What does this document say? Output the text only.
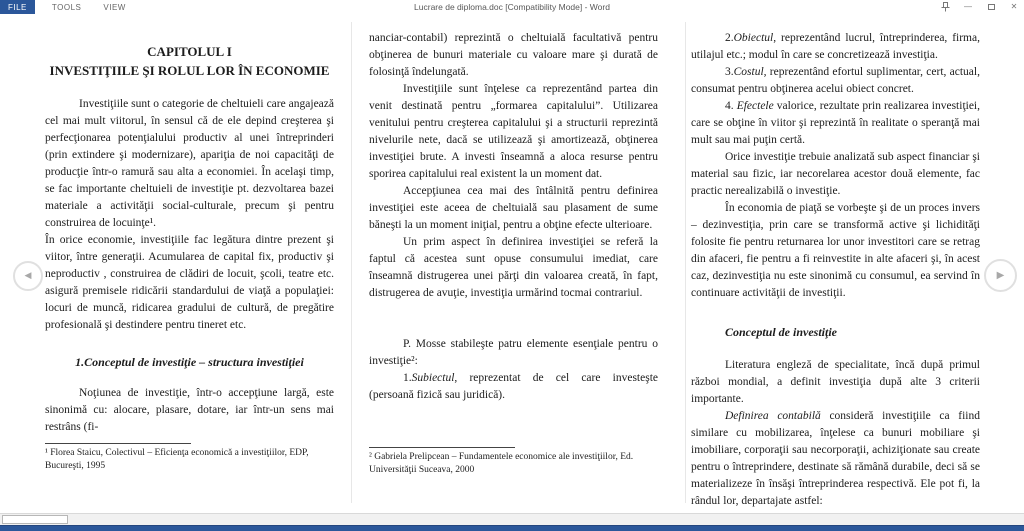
FILE	TOOLS	VIEW	Lucrare de diploma.doc [Compatibility Mode] - Word	—	✕
CAPITOLUL I
INVESTIŢIILE ŞI ROLUL LOR ÎN ECONOMIE

Investiţiile sunt o categorie de cheltuieli care angajează cel mai mult viitorul, în sensul că de ele depind creşterea şi perfecţionarea potenţialului productiv al unei întreprinderi (prin extindere şi modernizare), apariţia de noi capacităţi de producţie într-o ramură sau alta a economiei. În acelaşi timp, se fac importante cheltuieli de investiţie pt. dezvoltarea bazei materiale a activităţii social-culturale, precum şi pentru construirea de locuinţe¹.

În orice economie, investiţiile fac legătura dintre prezent şi viitor, între generaţii. Acumularea de capital fix, productiv şi neproductiv , construirea de clădiri de locuit, şcoli, teatre etc. asigură premisele ridicării standardului de viaţă a populaţiei: locuri de muncă, ridicarea gradului de cultură, de pregătire profesională şi destindere pentru tineret etc.

1.Conceptul de investiţie – structura investiţiei

Noţiunea de investiţie, într-o accepţiune largă, este sinonimă cu: alocare, plasare, dotare, iar într-un sens mai restrâns (fi-

¹ Florea Staicu, Colectivul – Eficienţa economică a investiţiilor, EDP, Bucureşti, 1995

nanciar-contabil) reprezintă o cheltuială facultativă pentru obţinerea de bunuri materiale cu valoare mare şi durată de folosinţă îndelungată.

Investiţiile sunt înţelese ca reprezentând partea din venit destinată pentru „formarea capitalului”. Utilizarea venitului pentru creşterea capitalului şi a structurii reprezintă nivelurile nete, dacă se utilizează şi amortizează, obţinerea investiţiei brute. A investi înseamnă a aloca resurse pentru sporirea capitalului real existent la un moment dat.

Accepţiunea cea mai des întâlnită pentru definirea investiţiei este aceea de cheltuială sau plasament de sume băneşti la un moment iniţial, pentru a obţine efecte ulterioare.

Un prim aspect în definirea investiţiei se referă la faptul că acestea sunt opuse consumului imediat, care înseamnă distrugerea unei părţi din valoarea creată, în fapt, distrugerea de avuţie, investiţia urmărind tocmai contrariul.

P. Mosse stabileşte patru elemente esenţiale pentru o investiţie²:

1.Subiectul, reprezentat de cel care investeşte (persoană fizică sau juridică).

² Gabriela Prelipcean – Fundamentele economice ale investiţiilor, Ed. Universităţii Suceava, 2000

2.Obiectul, reprezentând lucrul, întreprinderea, firma, utilajul etc.; modul în care se concretizează investiţia.

3.Costul, reprezentând efortul suplimentar, cert, actual, consumat pentru obţinerea acelui obiect concret.

4. Efectele valorice, rezultate prin realizarea investiţiei, care se obţine în viitor şi reprezintă în realitate o speranţă mai mult sau mai puţin certă.

Orice investiţie trebuie analizată sub aspect financiar şi material sau fizic, iar necorelarea acestor două elemente, fac practic nerealizabilă o investiţie.

În economia de piaţă se vorbeşte şi de un proces invers – dezinvestiţia, prin care se transformă active şi lichidităţi folosite fie pentru returnarea lor unor investitori care se retrag din afaceri, fie pentru a fi reinvestite in alte afaceri şi, în acest caz, dezinvestiţia nu este sinonimă cu consumul, ea servind în continuare activităţii de investiţii.

Conceptul de investiţie

Literatura engleză de specialitate, încă după primul război mondial, a definit investiţia după alte 3 criterii importante.

Definirea contabilă consideră investiţiile ca fiind similare cu mobilizarea, înţelese ca bunuri mobiliare şi imobiliare, corporaţii sau necorporaţii, achiziţionate sau create pentru o întreprindere, destinate să rămână durabile, deci să se materializeze în însăşi întreprinderea respectivă. Ele pot fi, la rândul lor, departajate astfel:

◀	▶
